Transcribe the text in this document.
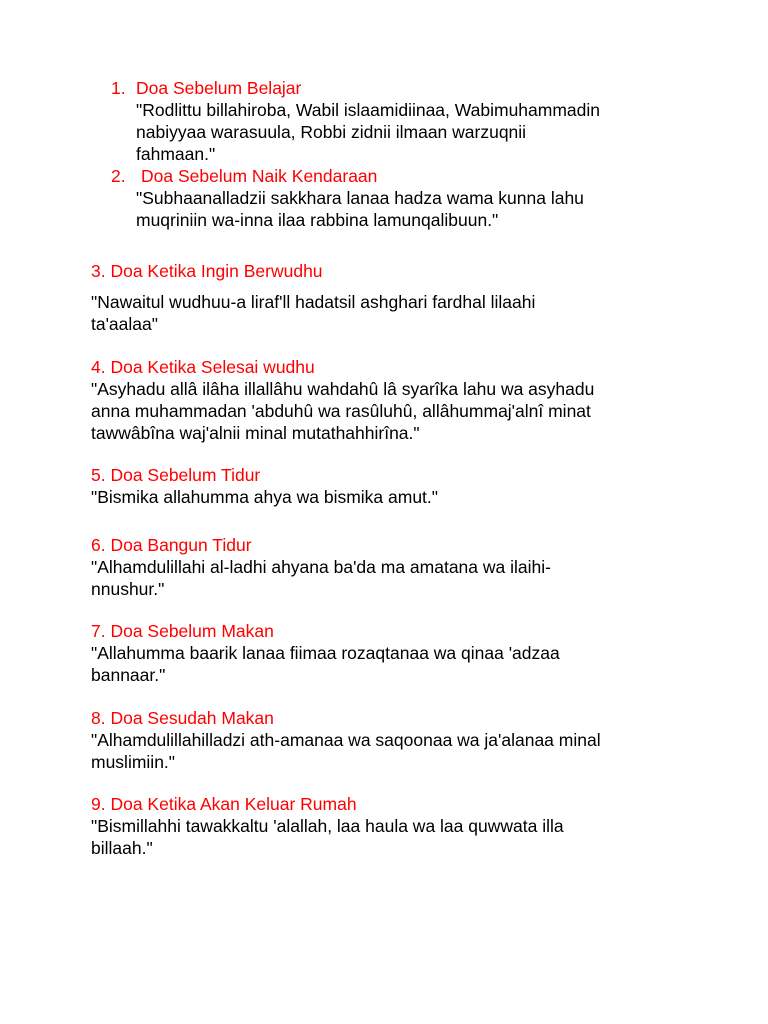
1. Doa Sebelum Belajar
"Rodlittu billahiroba, Wabil islaamidiinaa, Wabimuhammadin
nabiyyaa warasuula, Robbi zidnii ilmaan warzuqnii
fahmaan."
2. Doa Sebelum Naik Kendaraan
"Subhaanalladzii sakkhara lanaa hadza wama kunna lahu
muqriniin wa-inna ilaa rabbina lamunqalibuun."
3. Doa Ketika Ingin Berwudhu
"Nawaitul wudhuu-a liraf'll hadatsil ashghari fardhal lilaahi
ta'aalaa"
4. Doa Ketika Selesai wudhu
"Asyhadu allâ ilâha illallâhu wahdahû lâ syarîka lahu wa asyhadu
anna muhammadan 'abduhû wa rasûluhû, allâhummaj'alnî minat
tawwâbîna waj'alnii minal mutathahhirîna."
5. Doa Sebelum Tidur
"Bismika allahumma ahya wa bismika amut."
6. Doa Bangun Tidur
"Alhamdulillahi al-ladhi ahyana ba'da ma amatana wa ilaihi-
nnushur."
7. Doa Sebelum Makan
"Allahumma baarik lanaa fiimaa rozaqtanaa wa qinaa 'adzaa
bannaar."
8. Doa Sesudah Makan
"Alhamdulillahilladzi ath-amanaa wa saqoonaa wa ja'alanaa minal
muslimiin."
9. Doa Ketika Akan Keluar Rumah
"Bismillahhi tawakkaltu 'alallah, laa haula wa laa quwwata illa
billaah."
